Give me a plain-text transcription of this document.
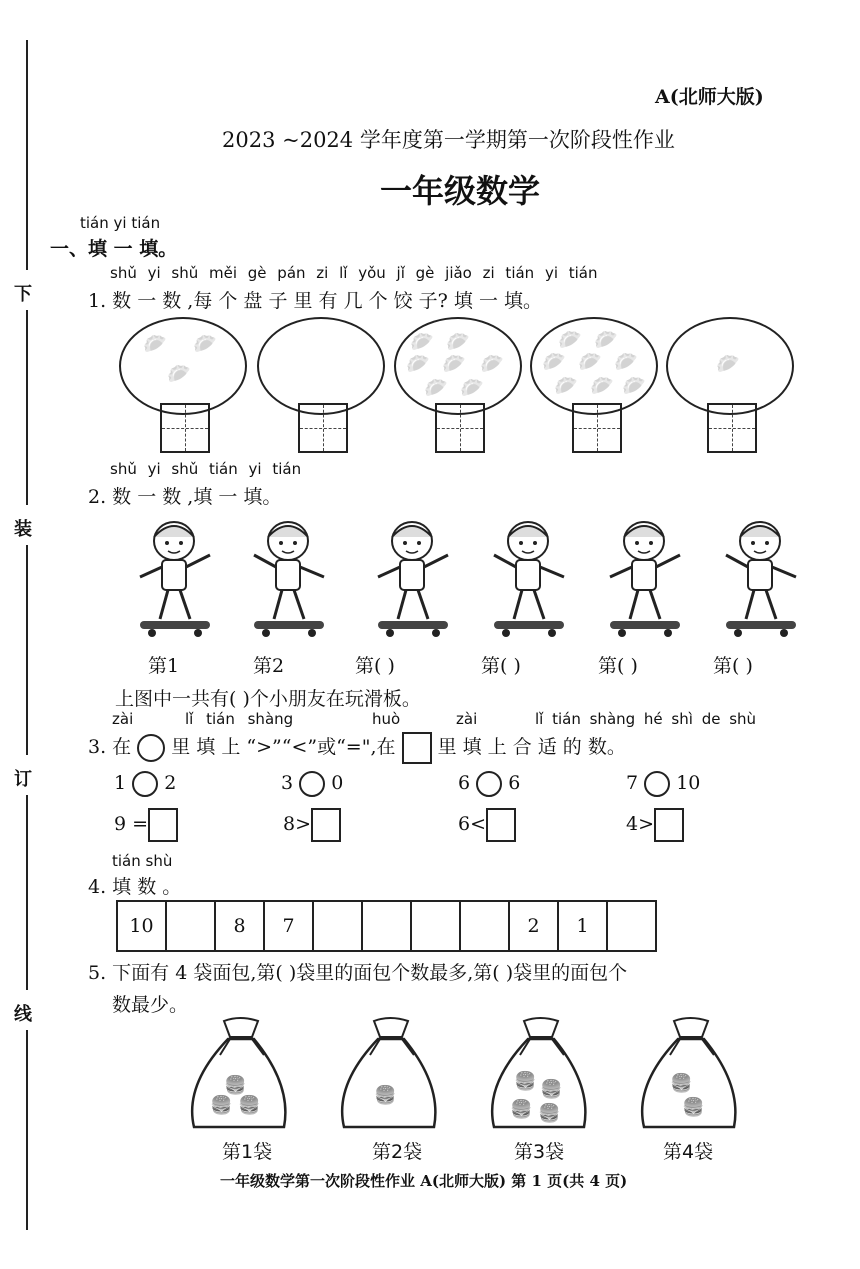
下
装
订
线
A(北师大版)
2023 ~2024 学年度第一学期第一次阶段性作业
一年级数学
tián yi tián
一、填 一 填。
shǔ yi shǔ měi gè pán zi lǐ yǒu jǐ gè jiǎo zi tián yi tián
1. 数 一 数 ,每 个 盘 子 里 有 几 个 饺 子? 填 一 填。
🥟 🥟
🥟
🥟 🥟
🥟 🥟 🥟
🥟 🥟
🥟 🥟
🥟 🥟 🥟
🥟 🥟 🥟
🥟
shǔ yi shǔ tián yi tián
2. 数 一 数 ,填 一 填。
第1	第2	第( )	第( )	第( )	第( )
上图中一共有( )个小朋友在玩滑板。
zài	lǐ tián shàng	huò	zài	lǐ tián shàng hé shì de shù
3. 在 里 填 上 “>”“<”或“=",在 里 填 上 合 适 的 数。
1 2	3 0	6 6	7 10
9 =	8>	6<	4>
tián shù
4. 填 数 。
10		8	7					2	1	
5. 下面有 4 袋面包,第( )袋里的面包个数最多,第( )袋里的面包个
数最少。
🍔 🍔
🍔
第1袋
🍔
第2袋
🍔 🍔
🍔 🍔
第3袋
🍔
🍔
第4袋
一年级数学第一次阶段性作业 A(北师大版) 第 1 页(共 4 页)
